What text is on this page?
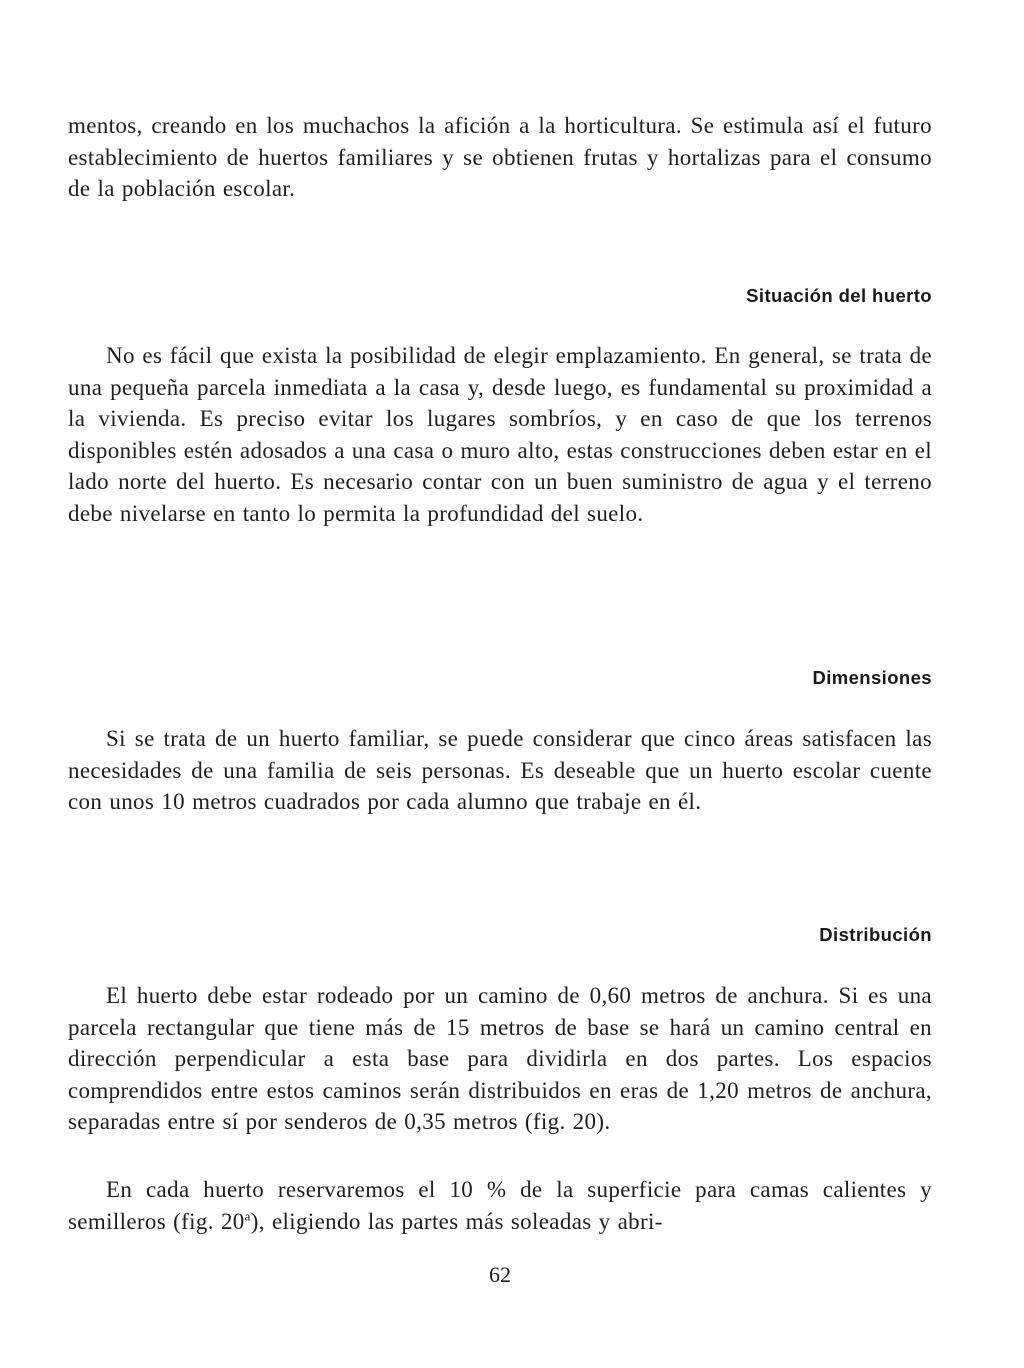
mentos, creando en los muchachos la afición a la horticultura. Se estimula así el futuro establecimiento de huertos familiares y se obtienen frutas y hortalizas para el consumo de la población escolar.

Situación del huerto

No es fácil que exista la posibilidad de elegir emplazamiento. En general, se trata de una pequeña parcela inmediata a la casa y, desde luego, es fundamental su proximidad a la vivienda. Es preciso evitar los lugares sombríos, y en caso de que los terrenos disponibles estén adosados a una casa o muro alto, estas construcciones deben estar en el lado norte del huerto. Es necesario contar con un buen suministro de agua y el terreno debe nivelarse en tanto lo permita la profundidad del suelo.

Dimensiones

Si se trata de un huerto familiar, se puede considerar que cinco áreas satisfacen las necesidades de una familia de seis personas. Es deseable que un huerto escolar cuente con unos 10 metros cuadrados por cada alumno que trabaje en él.

Distribución

El huerto debe estar rodeado por un camino de 0,60 metros de anchura. Si es una parcela rectangular que tiene más de 15 metros de base se hará un camino central en dirección perpendicular a esta base para dividirla en dos partes. Los espacios comprendidos entre estos caminos serán distribuidos en eras de 1,20 metros de anchura, separadas entre sí por senderos de 0,35 metros (fig. 20).

En cada huerto reservaremos el 10 % de la superficie para camas calientes y semilleros (fig. 20$^a$), eligiendo las partes más soleadas y abri-

62
